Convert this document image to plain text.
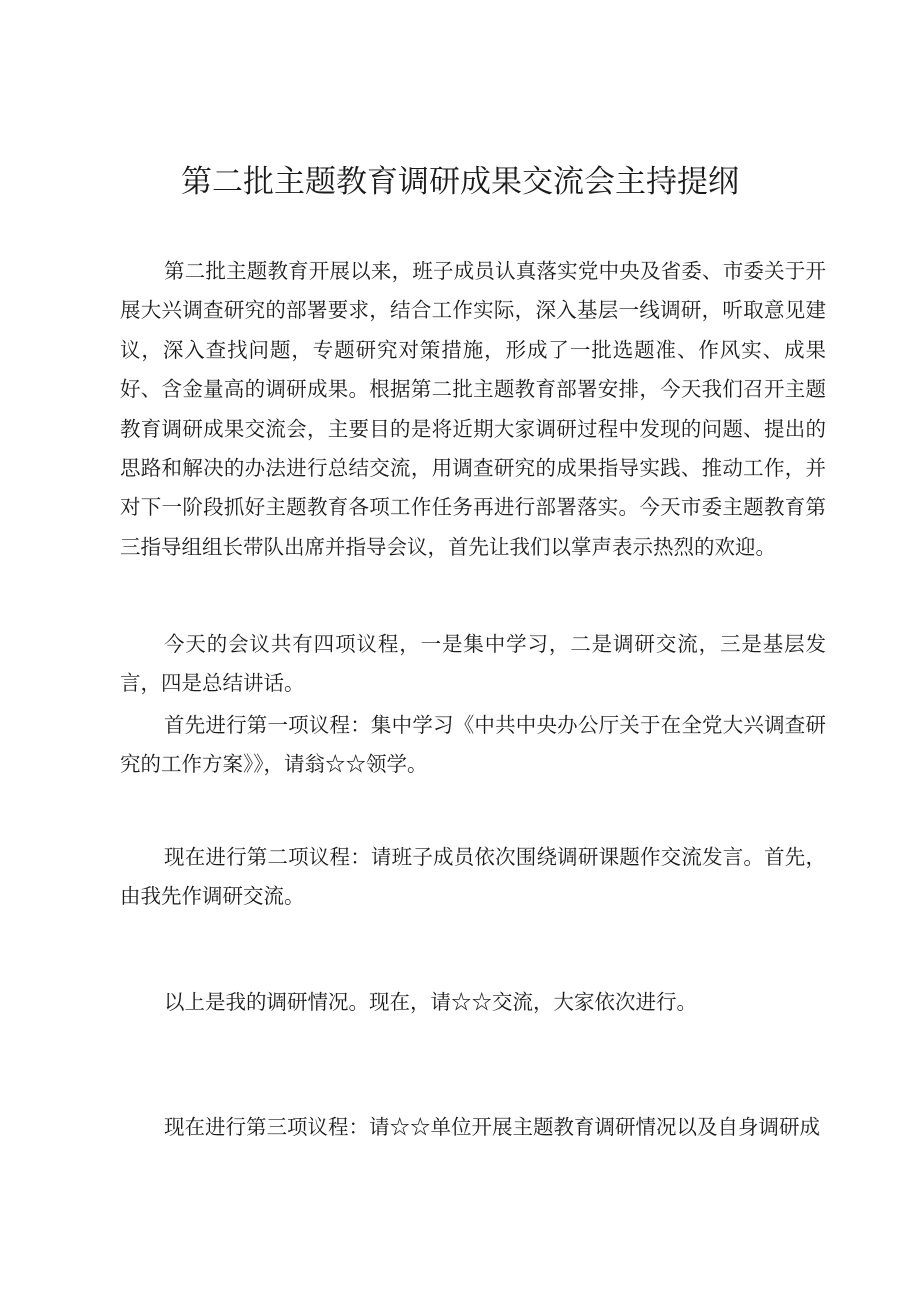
第二批主题教育调研成果交流会主持提纲

第二批主题教育开展以来，班子成员认真落实党中央及省委、市委关于开展大兴调查研究的部署要求，结合工作实际，深入基层一线调研，听取意见建议，深入查找问题，专题研究对策措施，形成了一批选题准、作风实、成果好、含金量高的调研成果。根据第二批主题教育部署安排，今天我们召开主题教育调研成果交流会，主要目的是将近期大家调研过程中发现的问题、提出的思路和解决的办法进行总结交流，用调查研究的成果指导实践、推动工作，并对下一阶段抓好主题教育各项工作任务再进行部署落实。今天市委主题教育第三指导组组长带队出席并指导会议，首先让我们以掌声表示热烈的欢迎。

今天的会议共有四项议程，一是集中学习，二是调研交流，三是基层发言，四是总结讲话。

首先进行第一项议程：集中学习《中共中央办公厅关于在全党大兴调查研究的工作方案》》，请翁☆☆领学。

现在进行第二项议程：请班子成员依次围绕调研课题作交流发言。首先，由我先作调研交流。

以上是我的调研情况。现在，请☆☆交流，大家依次进行。

现在进行第三项议程：请☆☆单位开展主题教育调研情况以及自身调研成
